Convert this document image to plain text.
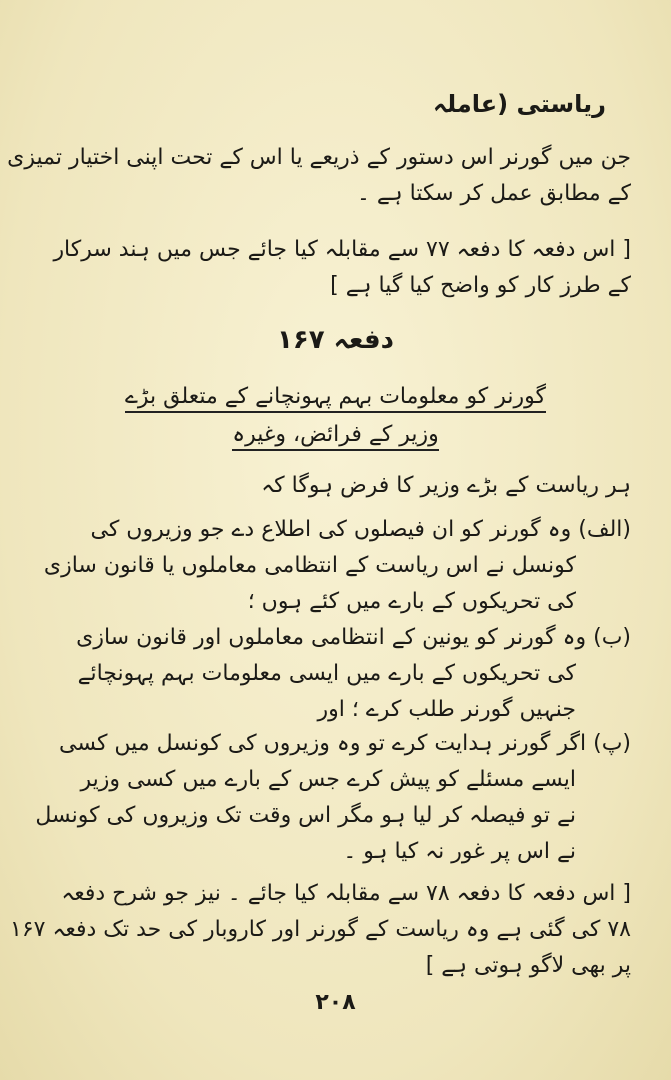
ریاستی (عاملہ
جن میں گورنر اس دستور کے ذریعے یا اس کے تحت اپنی اختیار تمیزی
کے مطابق عمل کر سکتا ہے ۔
[ اس دفعہ کا دفعہ ۷۷ سے مقابلہ کیا جائے جس میں ہند سرکار
کے طرز کار کو واضح کیا گیا ہے ]
دفعہ ۱۶۷
گورنر کو معلومات بہم پہونچانے کے متعلق بڑے
وزیر کے فرائض، وغیرہ
ہر ریاست کے بڑے وزیر کا فرض ہوگا کہ
(الف) وہ گورنر کو ان فیصلوں کی اطلاع دے جو وزیروں کی
کونسل نے اس ریاست کے انتظامی معاملوں یا قانون سازی
کی تحریکوں کے بارے میں کئے ہوں ؛
(ب) وہ گورنر کو یونین کے انتظامی معاملوں اور قانون سازی
کی تحریکوں کے بارے میں ایسی معلومات بہم پہونچائے
جنہیں گورنر طلب کرے ؛ اور
(پ) اگر گورنر ہدایت کرے تو وہ وزیروں کی کونسل میں کسی
ایسے مسئلے کو پیش کرے جس کے بارے میں کسی وزیر
نے تو فیصلہ کر لیا ہو مگر اس وقت تک وزیروں کی کونسل
نے اس پر غور نہ کیا ہو ۔
[ اس دفعہ کا دفعہ ۷۸ سے مقابلہ کیا جائے ۔ نیز جو شرح دفعہ
۷۸ کی گئی ہے وہ ریاست کے گورنر اور کاروبار کی حد تک دفعہ ۱۶۷
پر بھی لاگو ہوتی ہے ]
۲۰۸
